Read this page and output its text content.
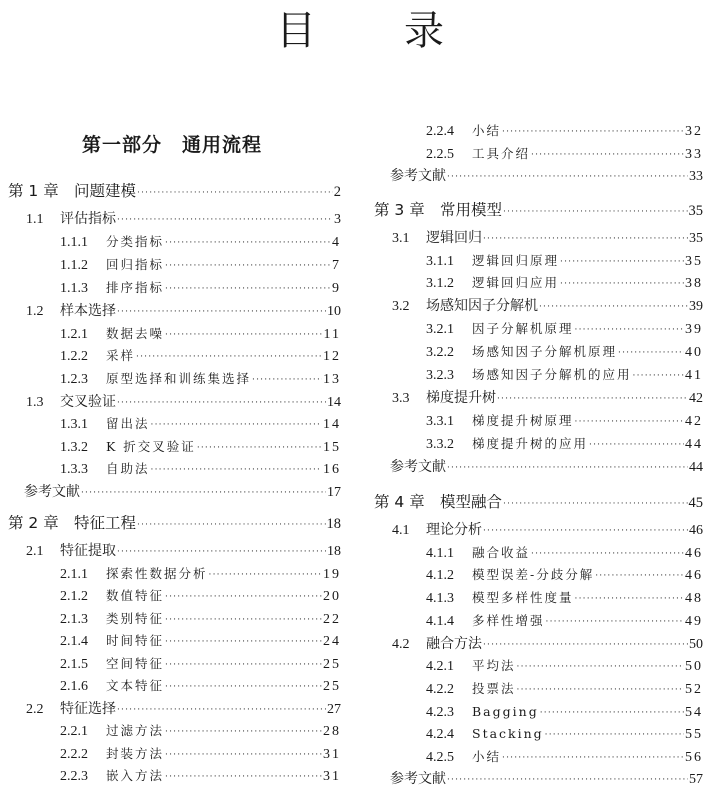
目 录
第一部分 通用流程
第 1 章 问题建模 ·····	2
1.1	评估指标 ·····	3
1.1.1	分类指标 ·····	4
1.1.2	回归指标 ·····	7
1.1.3	排序指标 ·····	9
1.2	样本选择 ·····	10
1.2.1	数据去噪 ·····	11
1.2.2	采样 ·····	12
1.2.3	原型选择和训练集选择 ·····	13
1.3	交叉验证 ·····	14
1.3.1	留出法 ·····	14
1.3.2	K 折交叉验证 ·····	15
1.3.3	自助法 ·····	16
参考文献 ·····	17
第 2 章 特征工程 ·····	18
2.1	特征提取 ·····	18
2.1.1	探索性数据分析 ·····	19
2.1.2	数值特征 ·····	20
2.1.3	类别特征 ·····	22
2.1.4	时间特征 ·····	24
2.1.5	空间特征 ·····	25
2.1.6	文本特征 ·····	25
2.2	特征选择 ·····	27
2.2.1	过滤方法 ·····	28
2.2.2	封装方法 ·····	31
2.2.3	嵌入方法 ·····	31
2.2.4	小结 ·····	32
2.2.5	工具介绍 ·····	33
参考文献 ·····	33
第 3 章 常用模型 ·····	35
3.1	逻辑回归 ·····	35
3.1.1	逻辑回归原理 ·····	35
3.1.2	逻辑回归应用 ·····	38
3.2	场感知因子分解机 ·····	39
3.2.1	因子分解机原理 ·····	39
3.2.2	场感知因子分解机原理 ·····	40
3.2.3	场感知因子分解机的应用 ·····	41
3.3	梯度提升树 ·····	42
3.3.1	梯度提升树原理 ·····	42
3.3.2	梯度提升树的应用 ·····	44
参考文献 ·····	44
第 4 章 模型融合 ·····	45
4.1	理论分析 ·····	46
4.1.1	融合收益 ·····	46
4.1.2	模型误差-分歧分解 ·····	46
4.1.3	模型多样性度量 ·····	48
4.1.4	多样性增强 ·····	49
4.2	融合方法 ·····	50
4.2.1	平均法 ·····	50
4.2.2	投票法 ·····	52
4.2.3	Bagging ·····	54
4.2.4	Stacking ·····	55
4.2.5	小结 ·····	56
参考文献 ·····	57
